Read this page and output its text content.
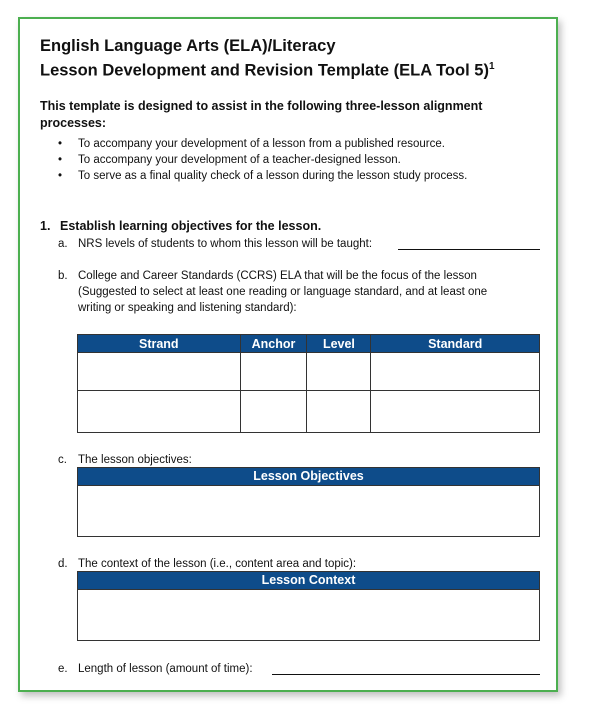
English Language Arts (ELA)/Literacy
Lesson Development and Revision Template (ELA Tool 5)$^1$
This template is designed to assist in the following three-lesson alignment processes:
• To accompany your development of a lesson from a published resource.
• To accompany your development of a teacher-designed lesson.
• To serve as a final quality check of a lesson during the lesson study process.
1. Establish learning objectives for the lesson.
a. NRS levels of students to whom this lesson will be taught:
b. College and Career Standards (CCRS) ELA that will be the focus of the lesson
(Suggested to select at least one reading or language standard, and at least one
writing or speaking and listening standard):
Strand	Anchor	Level	Standard

c. The lesson objectives:
Lesson Objectives
d. The context of the lesson (i.e., content area and topic):
Lesson Context
e. Length of lesson (amount of time):
